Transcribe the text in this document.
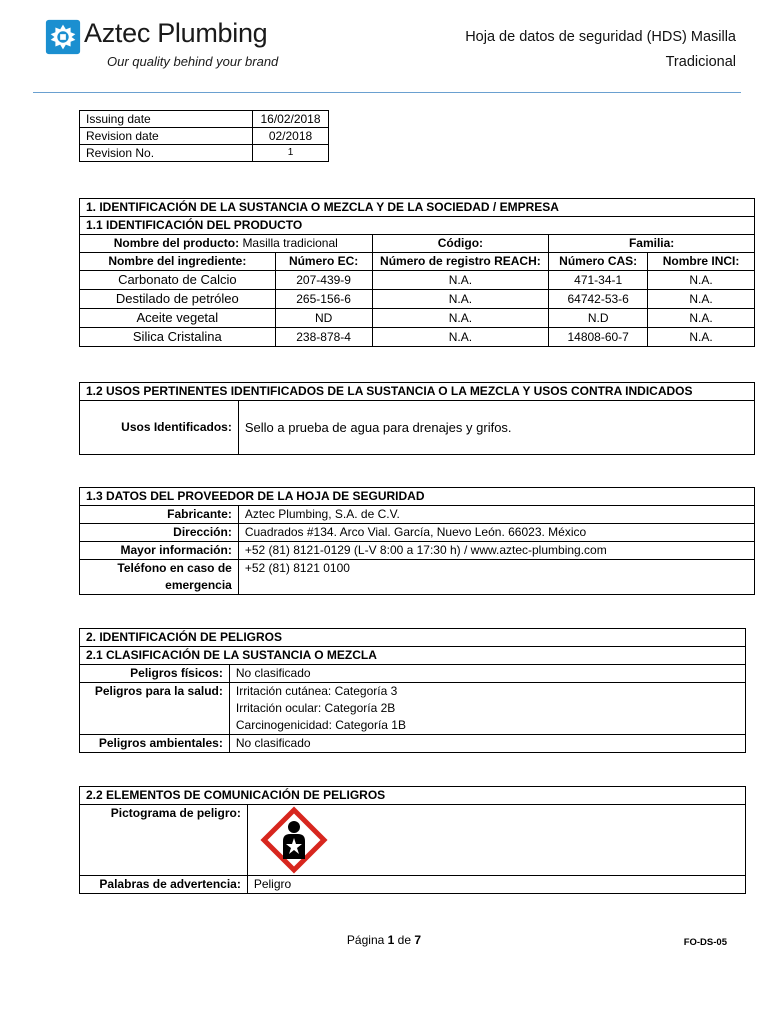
Aztec Plumbing
Our quality behind your brand
Hoja de datos de seguridad (HDS) Masilla
Tradicional
Issuing date	16/02/2018
Revision date	02/2018
Revision No.	1
1. IDENTIFICACIÓN DE LA SUSTANCIA O MEZCLA Y DE LA SOCIEDAD / EMPRESA				
1.1 IDENTIFICACIÓN DEL PRODUCTO				
Nombre del producto: Masilla tradicional		Código:	Familia:	
Nombre del ingrediente:	Número EC:	Número de registro REACH:	Número CAS:	Nombre INCI:
Carbonato de Calcio	207-439-9	N.A.	471-34-1	N.A.
Destilado de petróleo	265-156-6	N.A.	64742-53-6	N.A.
Aceite vegetal	ND	N.A.	N.D	N.A.
Silica Cristalina	238-878-4	N.A.	14808-60-7	N.A.
1.2 USOS PERTINENTES IDENTIFICADOS DE LA SUSTANCIA O LA MEZCLA Y USOS CONTRA INDICADOS
Usos Identificados:	Sello a prueba de agua para drenajes y grifos.
1.3 DATOS DEL PROVEEDOR DE LA HOJA DE SEGURIDAD	
Fabricante:	Aztec Plumbing, S.A. de C.V.
Dirección:	Cuadrados #134. Arco Vial. García, Nuevo León. 66023. México
Mayor información:	+52 (81) 8121-0129 (L-V 8:00 a 17:30 h) / www.aztec-plumbing.com

Teléfono en caso de
emergencia	+52 (81) 8121 0100
2. IDENTIFICACIÓN DE PELIGROS	
2.1 CLASIFICACIÓN DE LA SUSTANCIA O MEZCLA	
Peligros físicos:	No clasificado
Peligros para la salud:	Irritación cutánea: Categoría 3
Irritación ocular: Categoría 2B
Carcinogenicidad: Categoría 1B

Peligros ambientales:	No clasificado
2.2 ELEMENTOS DE COMUNICACIÓN DE PELIGROS	
Pictograma de peligro:	

Palabras de advertencia:	Peligro
Página 1 de 7	FO-DS-05
